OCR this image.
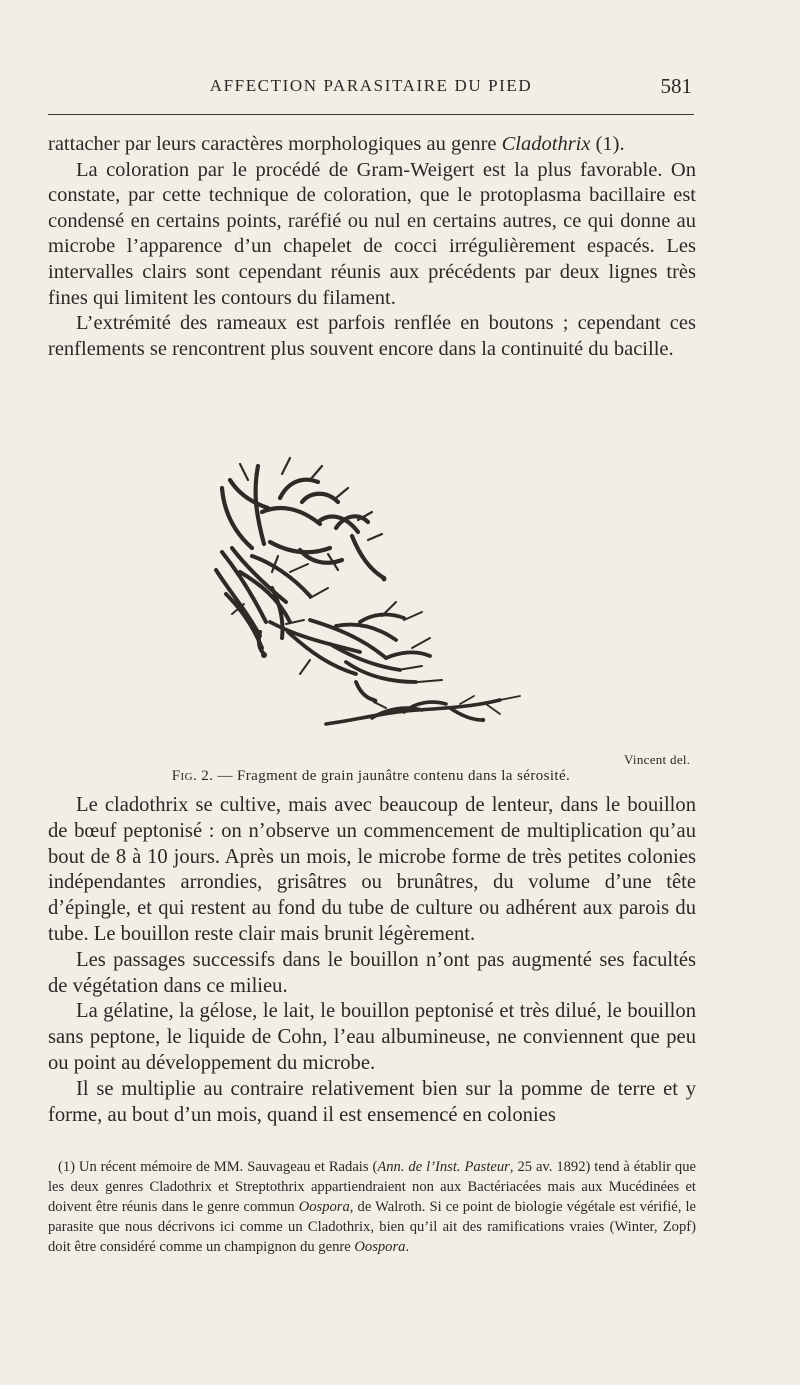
AFFECTION PARASITAIRE DU PIED	581

rattacher par leurs caractères morphologiques au genre Cladothrix (1).

La coloration par le procédé de Gram-Weigert est la plus favorable. On constate, par cette technique de coloration, que le protoplasma bacillaire est condensé en certains points, raréfié ou nul en certains autres, ce qui donne au microbe l’apparence d’un chapelet de cocci irrégulièrement espacés. Les intervalles clairs sont cependant réunis aux précédents par deux lignes très fines qui limitent les contours du filament.

L’extrémité des rameaux est parfois renflée en boutons ; cependant ces renflements se rencontrent plus souvent encore dans la continuité du bacille.

Vincent del.
Fig. 2. — Fragment de grain jaunâtre contenu dans la sérosité.

Le cladothrix se cultive, mais avec beaucoup de lenteur, dans le bouillon de bœuf peptonisé : on n’observe un commencement de multiplication qu’au bout de 8 à 10 jours. Après un mois, le microbe forme de très petites colonies indépendantes arrondies, grisâtres ou brunâtres, du volume d’une tête d’épingle, et qui restent au fond du tube de culture ou adhérent aux parois du tube. Le bouillon reste clair mais brunit légèrement.

Les passages successifs dans le bouillon n’ont pas augmenté ses facultés de végétation dans ce milieu.

La gélatine, la gélose, le lait, le bouillon peptonisé et très dilué, le bouillon sans peptone, le liquide de Cohn, l’eau albumineuse, ne conviennent que peu ou point au développement du microbe.

Il se multiplie au contraire relativement bien sur la pomme de terre et y forme, au bout d’un mois, quand il est ensemencé en colonies

(1) Un récent mémoire de MM. Sauvageau et Radais (Ann. de l’Inst. Pasteur, 25 av. 1892) tend à établir que les deux genres Cladothrix et Streptothrix appartiendraient non aux Bactériacées mais aux Mucédinées et doivent être réunis dans le genre commun Oospora, de Walroth. Si ce point de biologie végétale est vérifié, le parasite que nous décrivons ici comme un Cladothrix, bien qu’il ait des ramifications vraies (Winter, Zopf) doit être considéré comme un champignon du genre Oospora.
